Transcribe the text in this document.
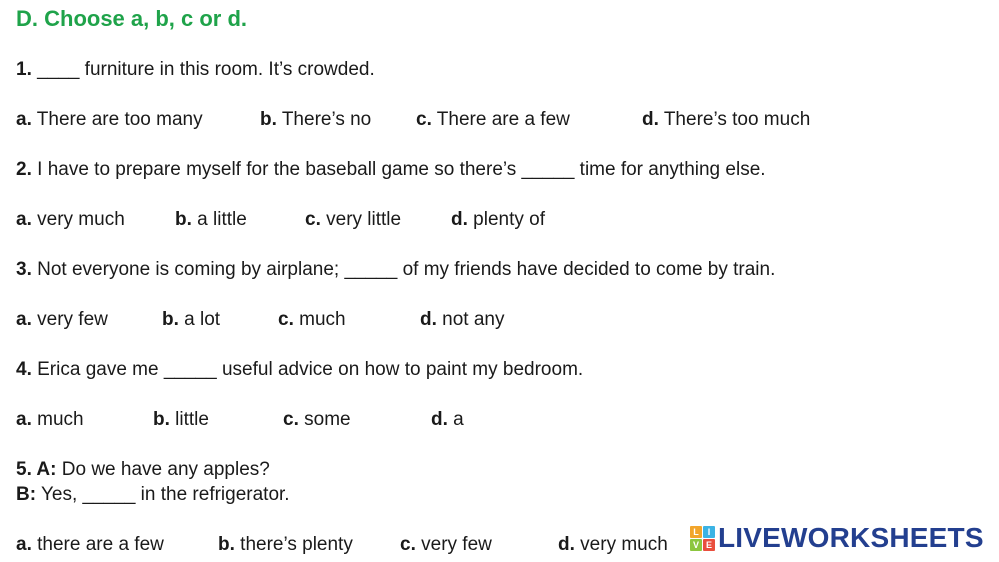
D. Choose a, b, c or d.
1. ____ furniture in this room. It’s crowded.
a. There are too many	b. There’s no c. There are a few	d. There’s too much
2. I have to prepare myself for the baseball game so there’s _____ time for anything else.
a. very much	b. a little	c. very little	d. plenty of
3. Not everyone is coming by airplane; _____ of my friends have decided to come by train.
a. very few	b. a lot	c. much	d. not any
4. Erica gave me _____ useful advice on how to paint my bedroom.
a. much	b. little	c. some	d. a
5. A: Do we have any apples?
B: Yes, _____ in the refrigerator.
a. there are a few	b. there’s plenty c. very few	d. very much
L I
V E LIVEWORKSHEETS
